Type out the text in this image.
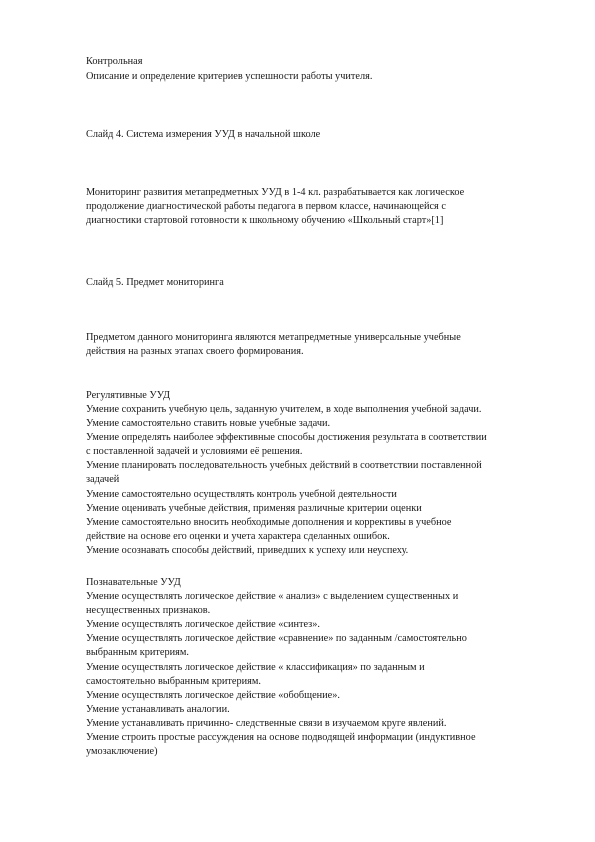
Контрольная
Описание и определение критериев успешности работы учителя.
Слайд 4. Система измерения УУД в начальной школе
Мониторинг развития метапредметных УУД в 1-4 кл. разрабатывается как логическое
продолжение диагностической работы педагога в первом классе, начинающейся с
диагностики стартовой готовности к школьному обучению «Школьный старт»[1]
Слайд 5. Предмет мониторинга
Предметом данного мониторинга являются метапредметные универсальные учебные
действия на разных этапах своего формирования.
Регулятивные УУД
Умение сохранить учебную цель, заданную учителем, в ходе выполнения учебной задачи.
Умение самостоятельно ставить новые учебные задачи.
Умение определять наиболее эффективные способы достижения результата в соответствии
с поставленной задачей и условиями её решения.
Умение планировать последовательность учебных действий в соответствии поставленной
задачей
Умение самостоятельно осуществлять контроль учебной деятельности
Умение оценивать учебные действия, применяя различные критерии оценки
Умение самостоятельно вносить необходимые дополнения и коррективы в учебное
действие на основе его оценки и учета характера сделанных ошибок.
Умение осознавать способы действий, приведших к успеху или неуспеху.
Познавательные УУД
Умение осуществлять логическое действие « анализ» с выделением существенных и
несущественных признаков.
Умение осуществлять логическое действие «синтез».
Умение осуществлять логическое действие «сравнение» по заданным /самостоятельно
выбранным критериям.
Умение осуществлять логическое действие « классификация» по заданным и
самостоятельно выбранным критериям.
Умение осуществлять логическое действие «обобщение».
Умение устанавливать аналогии.
Умение устанавливать причинно- следственные связи в изучаемом круге явлений.
Умение строить простые рассуждения на основе подводящей информации (индуктивное
умозаключение)
